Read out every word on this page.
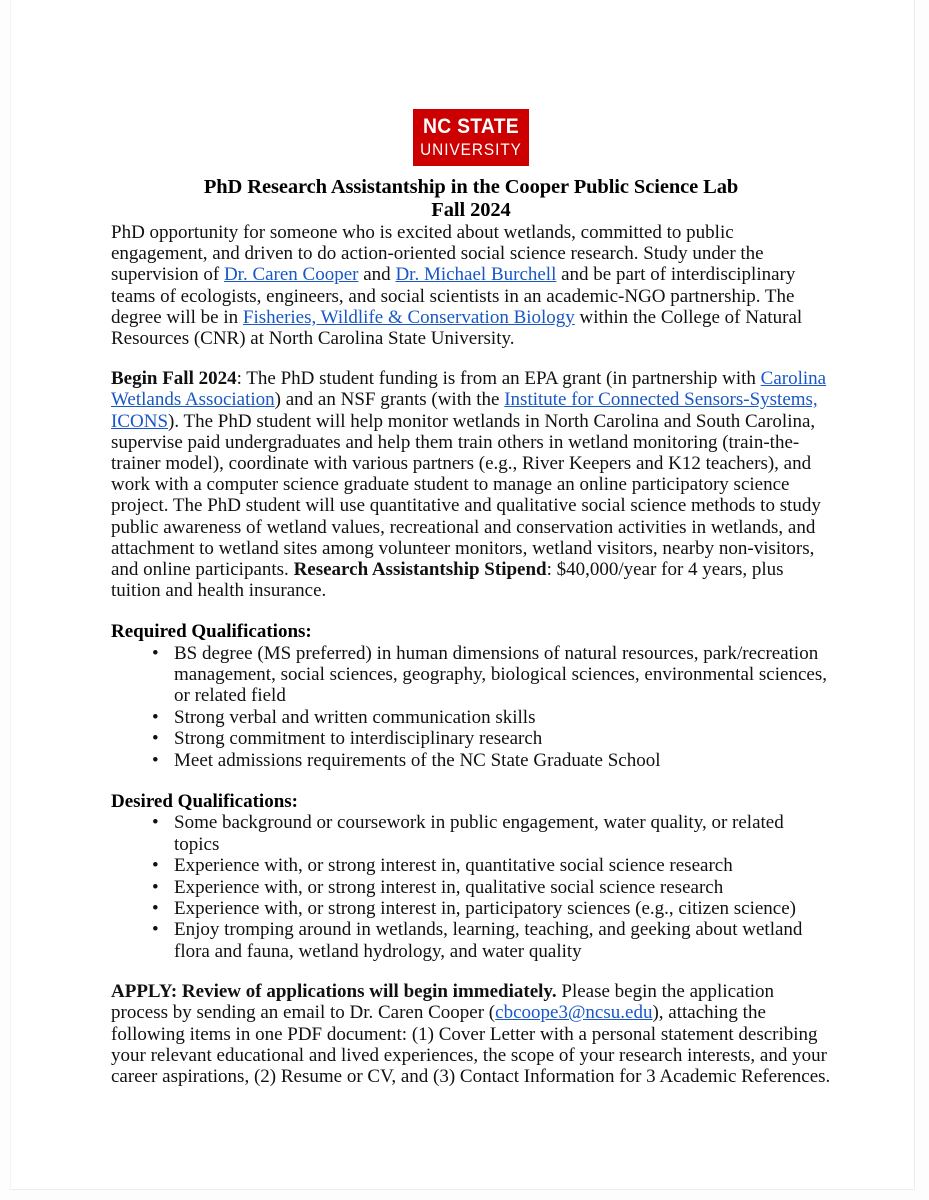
NC STATE
UNIVERSITY
PhD Research Assistantship in the Cooper Public Science Lab
Fall 2024

PhD opportunity for someone who is excited about wetlands, committed to public engagement, and driven to do action-oriented social science research. Study under the supervision of Dr. Caren Cooper and Dr. Michael Burchell and be part of interdisciplinary teams of ecologists, engineers, and social scientists in an academic-NGO partnership. The degree will be in Fisheries, Wildlife & Conservation Biology within the College of Natural Resources (CNR) at North Carolina State University.

Begin Fall 2024: The PhD student funding is from an EPA grant (in partnership with Carolina Wetlands Association) and an NSF grants (with the Institute for Connected Sensors-Systems, ICONS). The PhD student will help monitor wetlands in North Carolina and South Carolina, supervise paid undergraduates and help them train others in wetland monitoring (train-the-trainer model), coordinate with various partners (e.g., River Keepers and K12 teachers), and work with a computer science graduate student to manage an online participatory science project. The PhD student will use quantitative and qualitative social science methods to study public awareness of wetland values, recreational and conservation activities in wetlands, and attachment to wetland sites among volunteer monitors, wetland visitors, nearby non-visitors, and online participants. Research Assistantship Stipend: $40,000/year for 4 years, plus tuition and health insurance.

Required Qualifications:

• BS degree (MS preferred) in human dimensions of natural resources, park/recreation management, social sciences, geography, biological sciences, environmental sciences, or related field
• Strong verbal and written communication skills
• Strong commitment to interdisciplinary research
• Meet admissions requirements of the NC State Graduate School

Desired Qualifications:

• Some background or coursework in public engagement, water quality, or related topics
• Experience with, or strong interest in, quantitative social science research
• Experience with, or strong interest in, qualitative social science research
• Experience with, or strong interest in, participatory sciences (e.g., citizen science)
• Enjoy tromping around in wetlands, learning, teaching, and geeking about wetland flora and fauna, wetland hydrology, and water quality

APPLY: Review of applications will begin immediately. Please begin the application process by sending an email to Dr. Caren Cooper (cbcoope3@ncsu.edu), attaching the following items in one PDF document: (1) Cover Letter with a personal statement describing your relevant educational and lived experiences, the scope of your research interests, and your career aspirations, (2) Resume or CV, and (3) Contact Information for 3 Academic References.
